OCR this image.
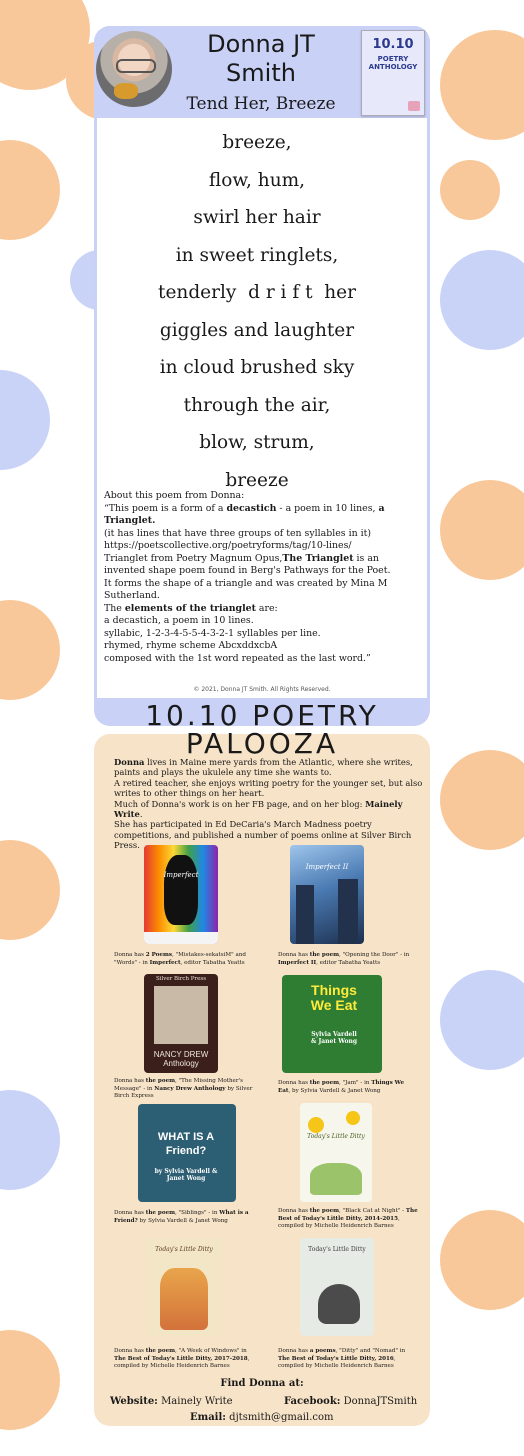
Donna JT Smith
Tend Her, Breeze
10.10
POETRY ANTHOLOGY
breeze,
flow, hum,
swirl her hair
in sweet ringlets,
tenderly  d r i f t  her
giggles and laughter
in cloud brushed sky
through the air,
blow, strum,
breeze

About this poem from Donna:

“This poem is a form of a decastich - a poem in 10 lines, a Trianglet.

(it has lines that have three groups of ten syllables in it)

https://poetscollective.org/poetryforms/tag/10-lines/

Trianglet from Poetry Magnum Opus,The Trianglet is an invented shape poem found in Berg's Pathways for the Poet.

It forms the shape of a triangle and was created by Mina M Sutherland.

The elements of the trianglet are:

a decastich, a poem in 10 lines.

syllabic, 1-2-3-4-5-5-4-3-2-1 syllables per line.

rhymed, rhyme scheme AbcxddxcbA

composed with the 1st word repeated as the last word.”

© 2021, Donna JT Smith. All Rights Reserved.
10.10 POETRY
PALOOZA

Donna lives in Maine mere yards from the Atlantic, where she writes, paints and plays the ukulele any time she wants to.

A retired teacher, she enjoys writing poetry for the younger set, but also writes to other things on her heart.

Much of Donna's work is on her FB page, and on her blog: Mainely Write.

She has participated in Ed DeCaria's March Madness poetry competitions, and published a number of poems online at Silver Birch Press.

Imperfect
Donna has 2 Poems, "Mistakes-sekatsiM" and "Words" - in Imperfect, editor Tabatha Yeatts
Imperfect II
Donna has the poem, "Opening the Door" - in Imperfect II, editor Tabatha Yeatts
Silver Birch Press
NANCY DREW Anthology
Donna has the poem, "The Missing Mother's Message" - in Nancy Drew Anthology by Silver Birch Express
Things We Eat
Sylvia Vardell & Janet Wong
Donna has the poem, "Jam" - in Things We Eat, by Sylvia Vardell & Janet Wong
WHAT IS A Friend?
by Sylvia Vardell & Janet Wong
Donna has the poem, "Siblings" - in What is a Friend? by Sylvia Vardell & Janet Wong
Today's Little Ditty
Donna has the poem, "Black Cat at Night" - The Best of Today's Little Ditty, 2014-2015, compiled by Michelle Heidenrich Barnes
Today's Little Ditty
Donna has the poem, "A Week of Windows" in The Best of Today's Little Ditty, 2017-2018, compiled by Michelle Heidenrich Barnes
Today's Little Ditty
Donna has a poems, "Ditty" and "Nomad" in The Best of Today's Little Ditty, 2016, compiled by Michelle Heidenrich Barnes
Find Donna at:
Website: Mainely Write	Facebook: DonnaJTSmith
Email: djtsmith@gmail.com
